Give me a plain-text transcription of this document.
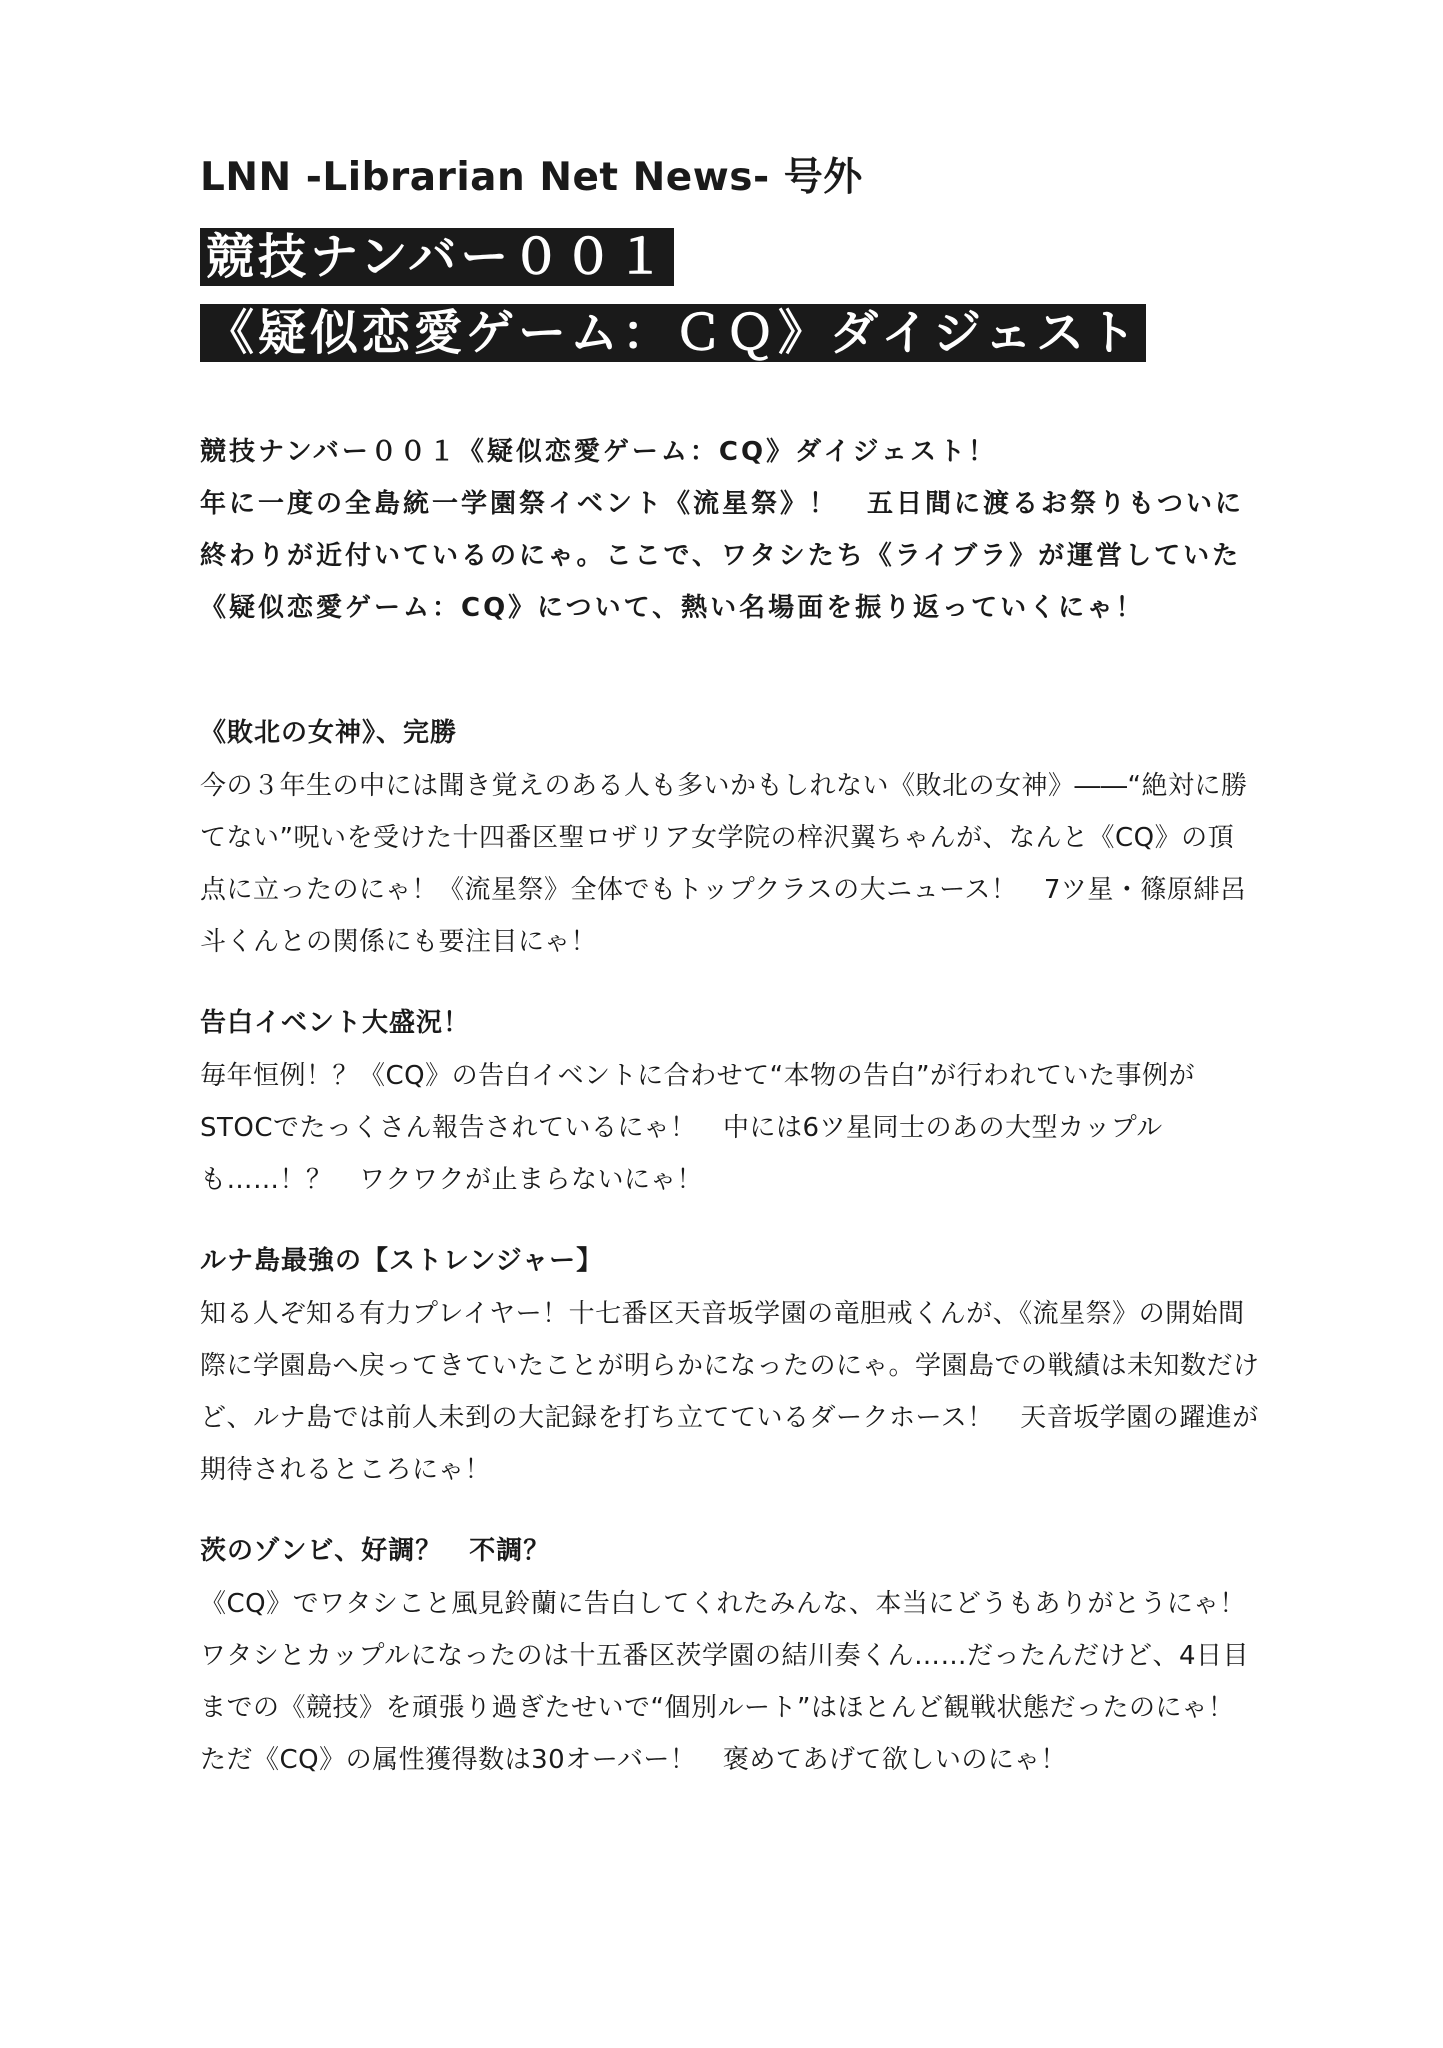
LNN -Librarian Net News- 号外
競技ナンバー００１
《疑似恋愛ゲーム：ＣＱ》ダイジェスト

競技ナンバー００１《疑似恋愛ゲーム：CQ》ダイジェスト！
年に一度の全島統一学園祭イベント《流星祭》！　五日間に渡るお祭りもついに終わりが近付いているのにゃ。ここで、ワタシたち《ライブラ》が運営していた《疑似恋愛ゲーム：CQ》について、熱い名場面を振り返っていくにゃ！

《敗北の女神》、完勝

今の３年生の中には聞き覚えのある人も多いかもしれない《敗北の女神》――“絶対に勝てない”呪いを受けた十四番区聖ロザリア女学院の梓沢翼ちゃんが、なんと《CQ》の頂点に立ったのにゃ！《流星祭》全体でもトップクラスの大ニュース！　7ツ星・篠原緋呂斗くんとの関係にも要注目にゃ！

告白イベント大盛況！

毎年恒例！？《CQ》の告白イベントに合わせて“本物の告白”が行われていた事例がSTOCでたっくさん報告されているにゃ！　中には6ツ星同士のあの大型カップルも……！？　ワクワクが止まらないにゃ！

ルナ島最強の【ストレンジャー】

知る人ぞ知る有力プレイヤー！十七番区天音坂学園の竜胆戒くんが、《流星祭》の開始間際に学園島へ戻ってきていたことが明らかになったのにゃ。学園島での戦績は未知数だけど、ルナ島では前人未到の大記録を打ち立てているダークホース！　天音坂学園の躍進が期待されるところにゃ！

茨のゾンビ、好調？　不調？

《CQ》でワタシこと風見鈴蘭に告白してくれたみんな、本当にどうもありがとうにゃ！　ワタシとカップルになったのは十五番区茨学園の結川奏くん……だったんだけど、4日目までの《競技》を頑張り過ぎたせいで“個別ルート”はほとんど観戦状態だったのにゃ！　ただ《CQ》の属性獲得数は30オーバー！　褒めてあげて欲しいのにゃ！
